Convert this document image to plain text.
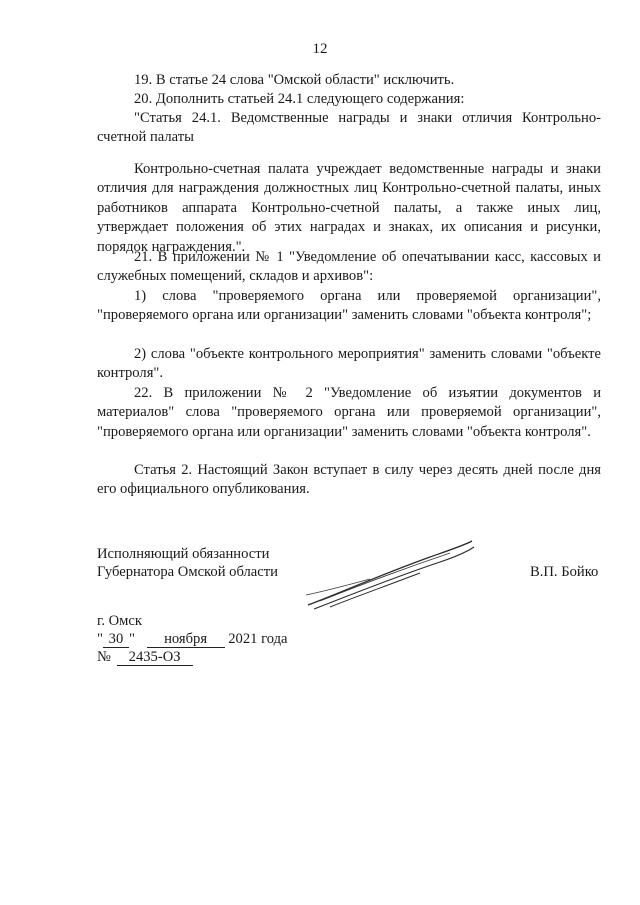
12

19. В статье 24 слова "Омской области" исключить.

20. Дополнить статьей 24.1 следующего содержания:

"Статья 24.1. Ведомственные награды и знаки отличия Контрольно-счетной палаты

Контрольно-счетная палата учреждает ведомственные награды и знаки отличия для награждения должностных лиц Контрольно-счетной палаты, иных работников аппарата Контрольно-счетной палаты, а также иных лиц, утверждает положения об этих наградах и знаках, их описания и рисунки, порядок награждения.".

21. В приложении № 1 "Уведомление об опечатывании касс, кассовых и служебных помещений, складов и архивов":

1) слова "проверяемого органа или проверяемой организации", "проверяемого органа или организации" заменить словами "объекта контроля";

2) слова "объекте контрольного мероприятия" заменить словами "объекте контроля".

22. В приложении № 2 "Уведомление об изъятии документов и материалов" слова "проверяемого органа или проверяемой организации", "проверяемого органа или организации" заменить словами "объекта контроля".

Статья 2. Настоящий Закон вступает в силу через десять дней после дня его официального опубликования.

Исполняющий обязанности
Губернатора Омской области	В.П. Бойко
г. Омск
" 30 " ноября 2021 года
№ 2435-ОЗ
